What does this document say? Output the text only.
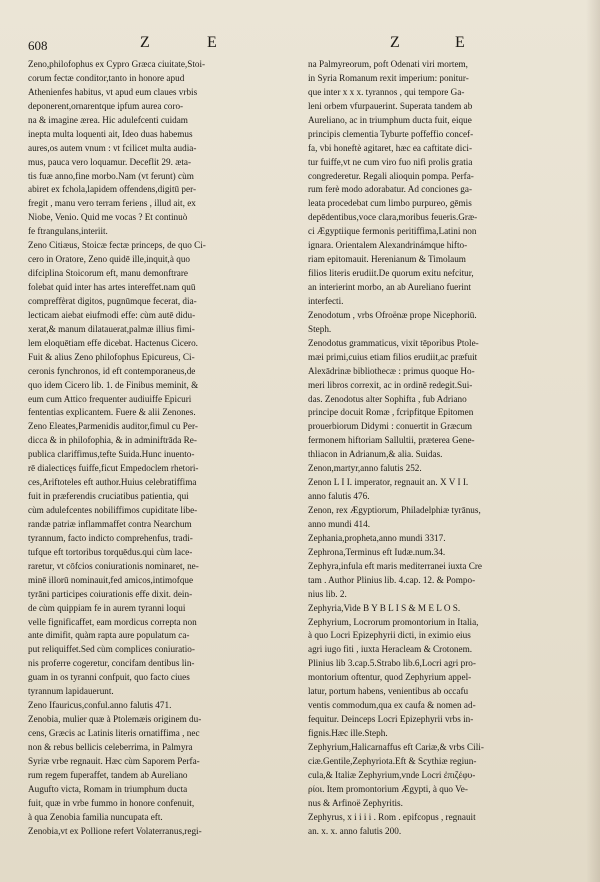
608	Z	E	Z	E
Zeno,philofophus ex Cypro Græca ciuitate,Stoi-
corum fectæ conditor,tanto in honore apud
Athenienfes habitus, vt apud eum claues vrbis
deponerent,ornarentque ipfum aurea coro-
na & imagine ærea. Hic adulefcenti cuidam
inepta multa loquenti ait, Ideo duas habemus
aures,os autem vnum : vt fcilicet multa audia-
mus, pauca vero loquamur. Deceflit 29. æta-
tis fuæ anno,fine morbo.Nam (vt ferunt) cùm
abiret ex fchola,lapidem offendens,digitū per-
fregit , manu vero terram feriens , illud ait, ex
Niobe, Venio. Quid me vocas ? Et continuò
fe ftrangulans,interiit.
Zeno Citiæus, Stoicæ fectæ princeps, de quo Ci-
cero in Oratore, Zeno quidē ille,inquit,à quo
difciplina Stoicorum eft, manu demonftrare
folebat quid inter has artes intereffet.nam quū
compreffèrat digitos, pugnūmque fecerat, dia-
lecticam aiebat eiufmodi effe: cùm autē didu-
xerat,& manum dilatauerat,palmæ illius fimi-
lem eloquētiam effe dicebat. Hactenus Cicero.
Fuit & alius Zeno philofophus Epicureus, Ci-
ceronis fynchronos, id eft contemporaneus,de
quo idem Cicero lib. 1. de Finibus meminit, &
eum cum Attico frequenter audiuiffe Epicuri
fententias explicantem. Fuere & alii Zenones.
Zeno Eleates,Parmenidis auditor,fimul cu Per-
dicca & in philofophia, & in adminiftrāda Re-
publica clariffimus,tefte Suida.Hunc inuento-
rē dialecticęs fuiffe,ficut Empedoclem rhetori-
ces,Ariftoteles eft author.Huius celebratiffima
fuit in præferendis cruciatibus patientia, qui
cùm adulefcentes nobiliffimos cupiditate libe-
randæ patriæ inflammaffet contra Nearchum
tyrannum, facto indicto comprehenfus, tradi-
tufque eft tortoribus torquēdus.qui cùm lace-
raretur, vt cōfcios coniurationis nominaret, ne-
minē illorū nominauit,fed amicos,intimofque
tyrāni participes coiurationis effe dixit. dein-
de cùm quippiam fe in aurem tyranni loqui
velle fignificaffet, eam mordicus correpta non
ante dimifit, quàm rapta aure populatum ca-
put reliquiffet.Sed cùm complices coniuratio-
nis proferre cogeretur, concifam dentibus lin-
guam in os tyranni confpuit, quo facto ciues
tyrannum lapidauerunt.
Zeno Ifauricus,conful.anno falutis 471.
Zenobia, mulier quæ à Ptolemæis originem du-
cens, Græcis ac Latinis literis ornatiffima , nec
non & rebus bellicis celeberrima, in Palmyra
Syriæ vrbe regnauit. Hæc cùm Saporem Perfa-
rum regem fuperaffet, tandem ab Aureliano
Augufto victa, Romam in triumphum ducta
fuit, quæ in vrbe fummo in honore confenuit,
à qua Zenobia familia nuncupata eft.
Zenobia,vt ex Pollione refert Volaterranus,regi-
na Palmyreorum, poft Odenati viri mortem,
in Syria Romanum rexit imperium: ponitur-
que inter x x x. tyrannos , qui tempore Ga-
leni orbem vfurpauerint. Superata tandem ab
Aureliano, ac in triumphum ducta fuit, eique
principis clementia Tyburte poffeffio concef-
fa, vbi honeftè agitaret, hæc ea caftitate dici-
tur fuiffe,vt ne cum viro fuo nifi prolis gratia
congrederetur. Regali alioquin pompa. Perfa-
rum ferè modo adorabatur. Ad conciones ga-
leata procedebat cum limbo purpureo, gēmis
depēdentibus,voce clara,moribus feueris.Græ-
ci Ægyptiique fermonis peritiffima,Latini non
ignara. Orientalem Alexandrinámque hifto-
riam epitomauit. Herenianum & Timolaum
filios literis erudiit.De quorum exitu nefcitur,
an interierint morbo, an ab Aureliano fuerint
interfecti.
Zenodotum , vrbs Ofroënæ prope Nicephoriū.
Steph.
Zenodotus grammaticus, vixit tēporibus Ptole-
mæi primi,cuius etiam filios erudiit,ac præfuit
Alexādrinæ bibliothecæ : primus quoque Ho-
meri libros correxit, ac in ordinē redegit.Sui-
das. Zenodotus alter Sophifta , fub Adriano
principe docuit Romæ , fcripfitque Epitomen
prouerbiorum Didymi : conuertit in Græcum
fermonem hiftoriam Sallultii, præterea Gene-
thliacon in Adrianum,& alia. Suidas.
Zenon,martyr,anno falutis 252.
Zenon L I I. imperator, regnauit an. X V I I.
anno falutis 476.
Zenon, rex Ægyptiorum, Philadelphiæ tyrānus,
anno mundi 414.
Zephania,propheta,anno mundi 3317.
Zephrona,Terminus eft Iudæ.num.34.
Zephyra,infula eft maris mediterranei iuxta Cre
tam . Author Plinius lib. 4.cap. 12. & Pompo-
nius lib. 2.
Zephyria,Vide B Y B L I S & M E L O S.
Zephyrium, Locrorum promontorium in Italia,
à quo Locri Epizephyrii dicti, in eximio eius
agri iugo fiti , iuxta Heracleam & Crotonem.
Plinius lib 3.cap.5.Strabo lib.6,Locri agri pro-
montorium oftentur, quod Zephyrium appel-
latur, portum habens, venientibus ab occafu
ventis commodum,qua ex caufa & nomen ad-
fequitur. Deinceps Locri Epizephyrii vrbs in-
fignis.Hæc ille.Steph.
Zephyrium,Halicarnaffus eft Cariæ,& vrbs Cili-
ciæ.Gentile,Zephyriota.Eft & Scythiæ regiun-
cula,& Italiæ Zephyrium,vnde Locri ἐπιζέφυ-
ρίοι. Item promontorium Ægypti, à quo Ve-
nus & Arfinoë Zephyritis.
Zephyrus, x i i i i . Rom . epifcopus , regnauit
an. x. x. anno falutis 200.
